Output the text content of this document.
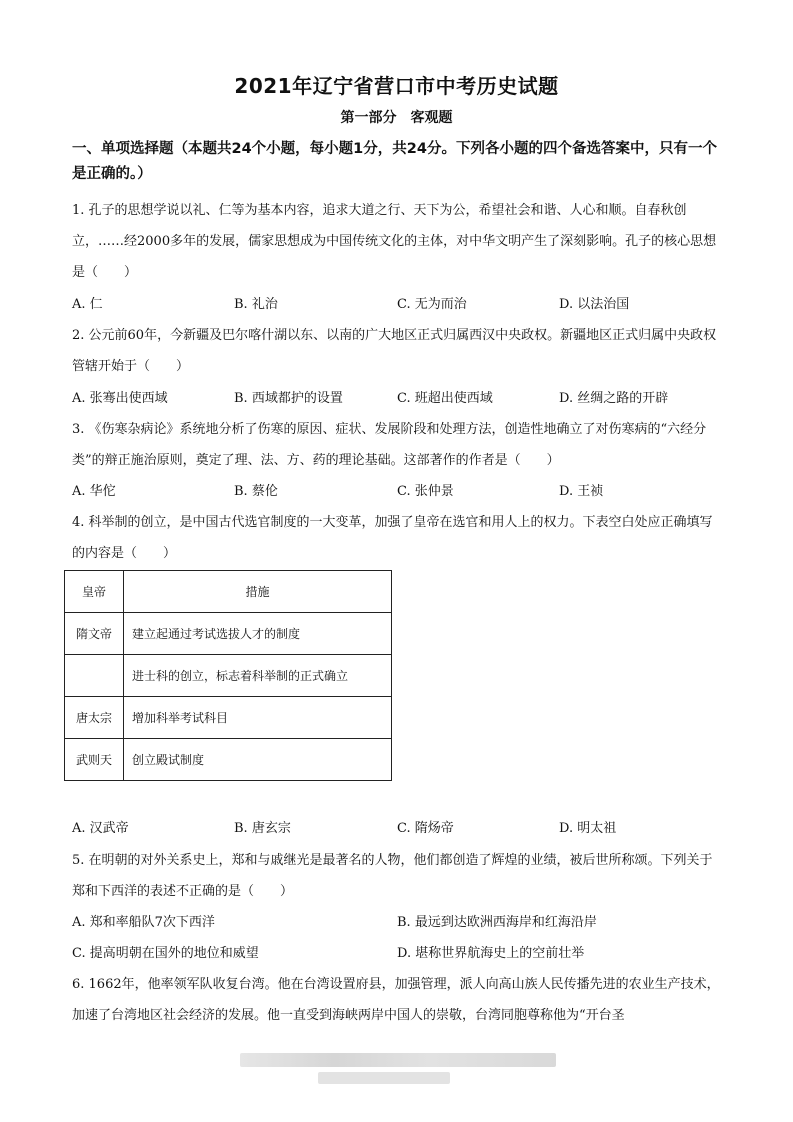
2021年辽宁省营口市中考历史试题
第一部分　客观题
一、单项选择题（本题共24个小题，每小题1分，共24分。下列各小题的四个备选答案中，只有一个是正确的。）
1. 孔子的思想学说以礼、仁等为基本内容，追求大道之行、天下为公，希望社会和谐、人心和顺。自春秋创立，……经2000多年的发展，儒家思想成为中国传统文化的主体，对中华文明产生了深刻影响。孔子的核心思想是（　　）
A. 仁	B. 礼治	C. 无为而治	D. 以法治国
2. 公元前60年，今新疆及巴尔喀什湖以东、以南的广大地区正式归属西汉中央政权。新疆地区正式归属中央政权管辖开始于（　　）
A. 张骞出使西域	B. 西域都护的设置	C. 班超出使西域	D. 丝绸之路的开辟
3. 《伤寒杂病论》系统地分析了伤寒的原因、症状、发展阶段和处理方法，创造性地确立了对伤寒病的“六经分类”的辩正施治原则，奠定了理、法、方、药的理论基础。这部著作的作者是（　　）
A. 华佗	B. 蔡伦	C. 张仲景	D. 王祯
4. 科举制的创立，是中国古代选官制度的一大变革，加强了皇帝在选官和用人上的权力。下表空白处应正确填写的内容是（　　）
皇帝	措施
隋文帝	建立起通过考试选拔人才的制度
	进士科的创立，标志着科举制的正式确立
唐太宗	增加科举考试科目
武则天	创立殿试制度
A. 汉武帝	B. 唐玄宗	C. 隋炀帝	D. 明太祖
5. 在明朝的对外关系史上，郑和与戚继光是最著名的人物，他们都创造了辉煌的业绩，被后世所称颂。下列关于郑和下西洋的表述不正确的是（　　）
A. 郑和率船队7次下西洋	B. 最远到达欧洲西海岸和红海沿岸
C. 提高明朝在国外的地位和威望	D. 堪称世界航海史上的空前壮举
6. 1662年，他率领军队收复台湾。他在台湾设置府县，加强管理，派人向高山族人民传播先进的农业生产技术，加速了台湾地区社会经济的发展。他一直受到海峡两岸中国人的崇敬，台湾同胞尊称他为“开台圣
